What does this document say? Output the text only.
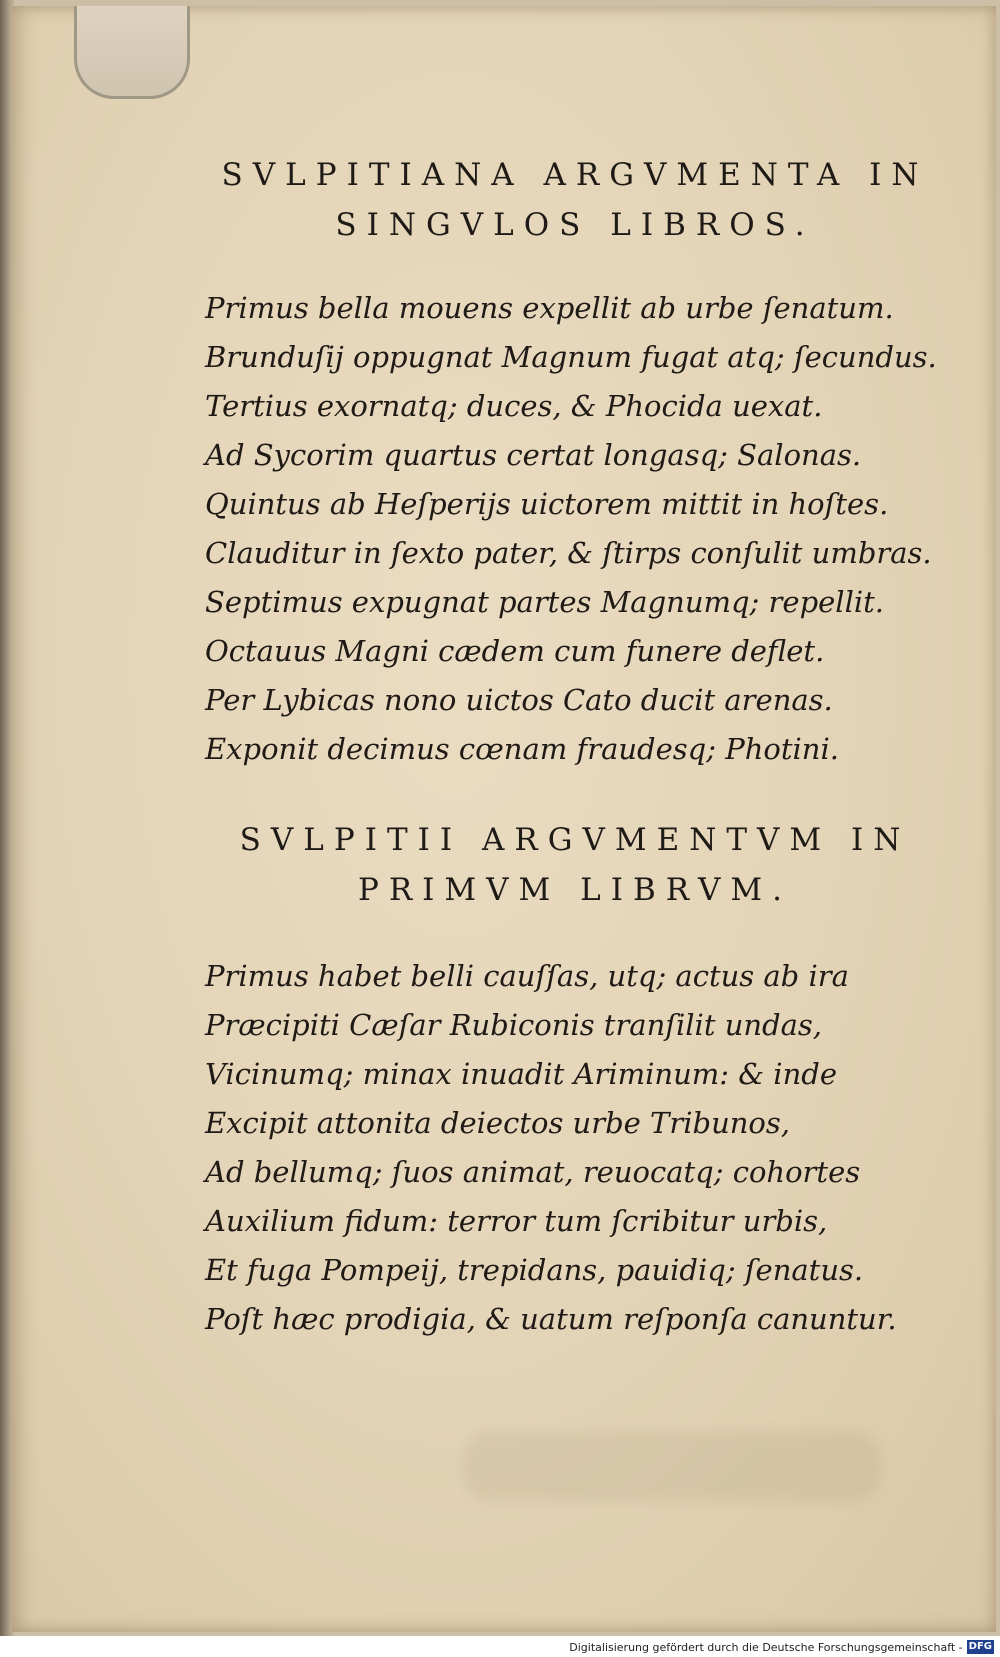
SVLPITIANA ARGVMENTA IN
SINGVLOS LIBROS.
Primus bella mouens expellit ab urbe ſenatum.
Brunduſij oppugnat Magnum fugat atq; ſecundus.
Tertius exornatq; duces, & Phocida uexat.
Ad Sycorim quartus certat longasq; Salonas.
Quintus ab Heſperijs uictorem mittit in hoſtes.
Clauditur in ſexto pater, & ſtirps conſulit umbras.
Septimus expugnat partes Magnumq; repellit.
Octauus Magni cædem cum funere deflet.
Per Lybicas nono uictos Cato ducit arenas.
Exponit decimus cœnam fraudesq; Photini.
SVLPITII ARGVMENTVM IN
PRIMVM LIBRVM.
Primus habet belli cauſſas, utq; actus ab ira
Præcipiti Cæſar Rubiconis tranſilit undas,
Vicinumq; minax inuadit Ariminum: & inde
Excipit attonita deiectos urbe Tribunos,
Ad bellumq; ſuos animat, reuocatq; cohortes
Auxilium fidum: terror tum ſcribitur urbis,
Et fuga Pompeij, trepidans, pauidiq; ſenatus.
Poſt hæc prodigia, & uatum reſponſa canuntur.
Digitalisierung gefördert durch die Deutsche Forschungsgemeinschaft - DFG
